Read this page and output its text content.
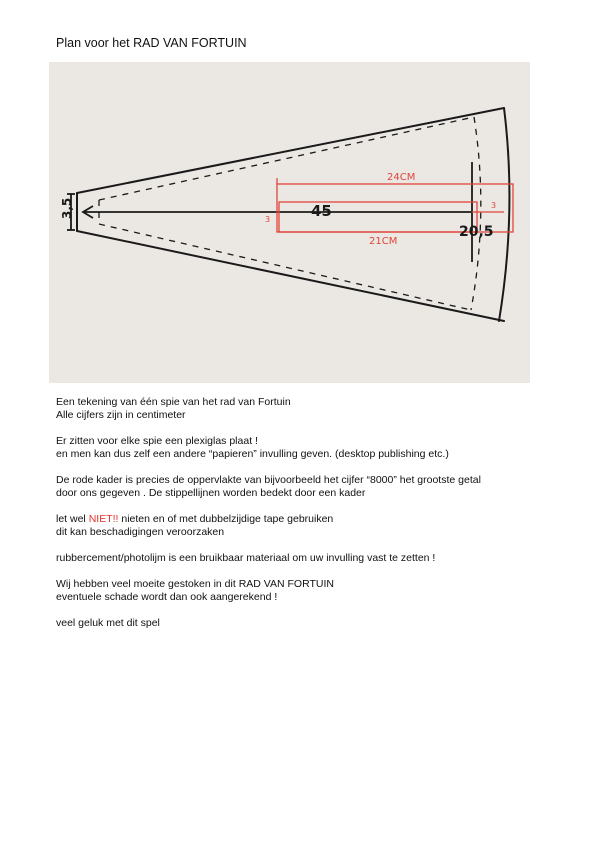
Plan voor het RAD VAN FORTUIN
3,5	45
20,5
24CM
21CM
3
3
Een tekening van één spie van het rad van Fortuin
Alle cijfers zijn in centimeter
Er zitten voor elke spie een plexiglas plaat !
en men kan dus zelf een andere “papieren” invulling geven. (desktop publishing etc.)
De rode kader is precies de oppervlakte van bijvoorbeeld het cijfer “8000” het grootste getal
door ons gegeven . De stippellijnen worden bedekt door een kader
let wel NIET!! nieten en of met dubbelzijdige tape gebruiken
dit kan beschadigingen veroorzaken
rubbercement/photolijm is een bruikbaar materiaal om uw invulling vast te zetten !
Wij hebben veel moeite gestoken in dit RAD VAN FORTUIN
eventuele schade wordt dan ook aangerekend !
veel geluk met dit spel
